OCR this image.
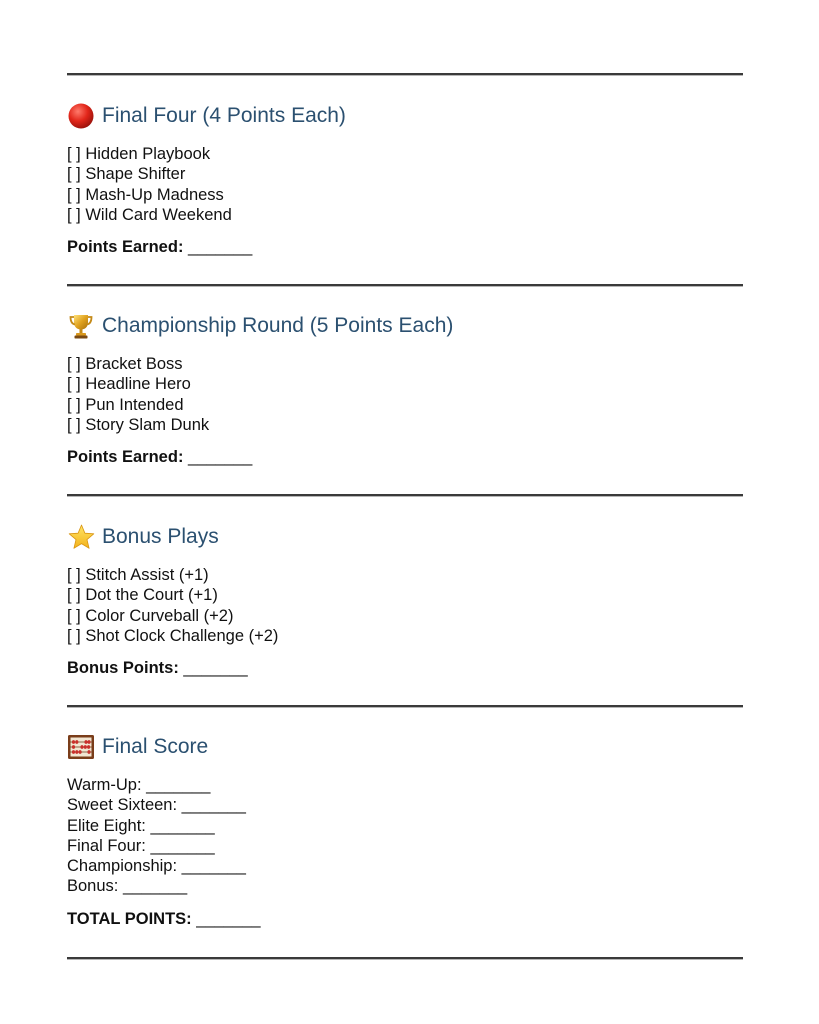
Final Four (4 Points Each)
[ ] Hidden Playbook
[ ] Shape Shifter
[ ] Mash-Up Madness
[ ] Wild Card Weekend
Points Earned: _______
Championship Round (5 Points Each)
[ ] Bracket Boss
[ ] Headline Hero
[ ] Pun Intended
[ ] Story Slam Dunk
Points Earned: _______
Bonus Plays
[ ] Stitch Assist (+1)
[ ] Dot the Court (+1)
[ ] Color Curveball (+2)
[ ] Shot Clock Challenge (+2)
Bonus Points: _______
Final Score
Warm-Up: _______
Sweet Sixteen: _______
Elite Eight: _______
Final Four: _______
Championship: _______
Bonus: _______
TOTAL POINTS: _______
